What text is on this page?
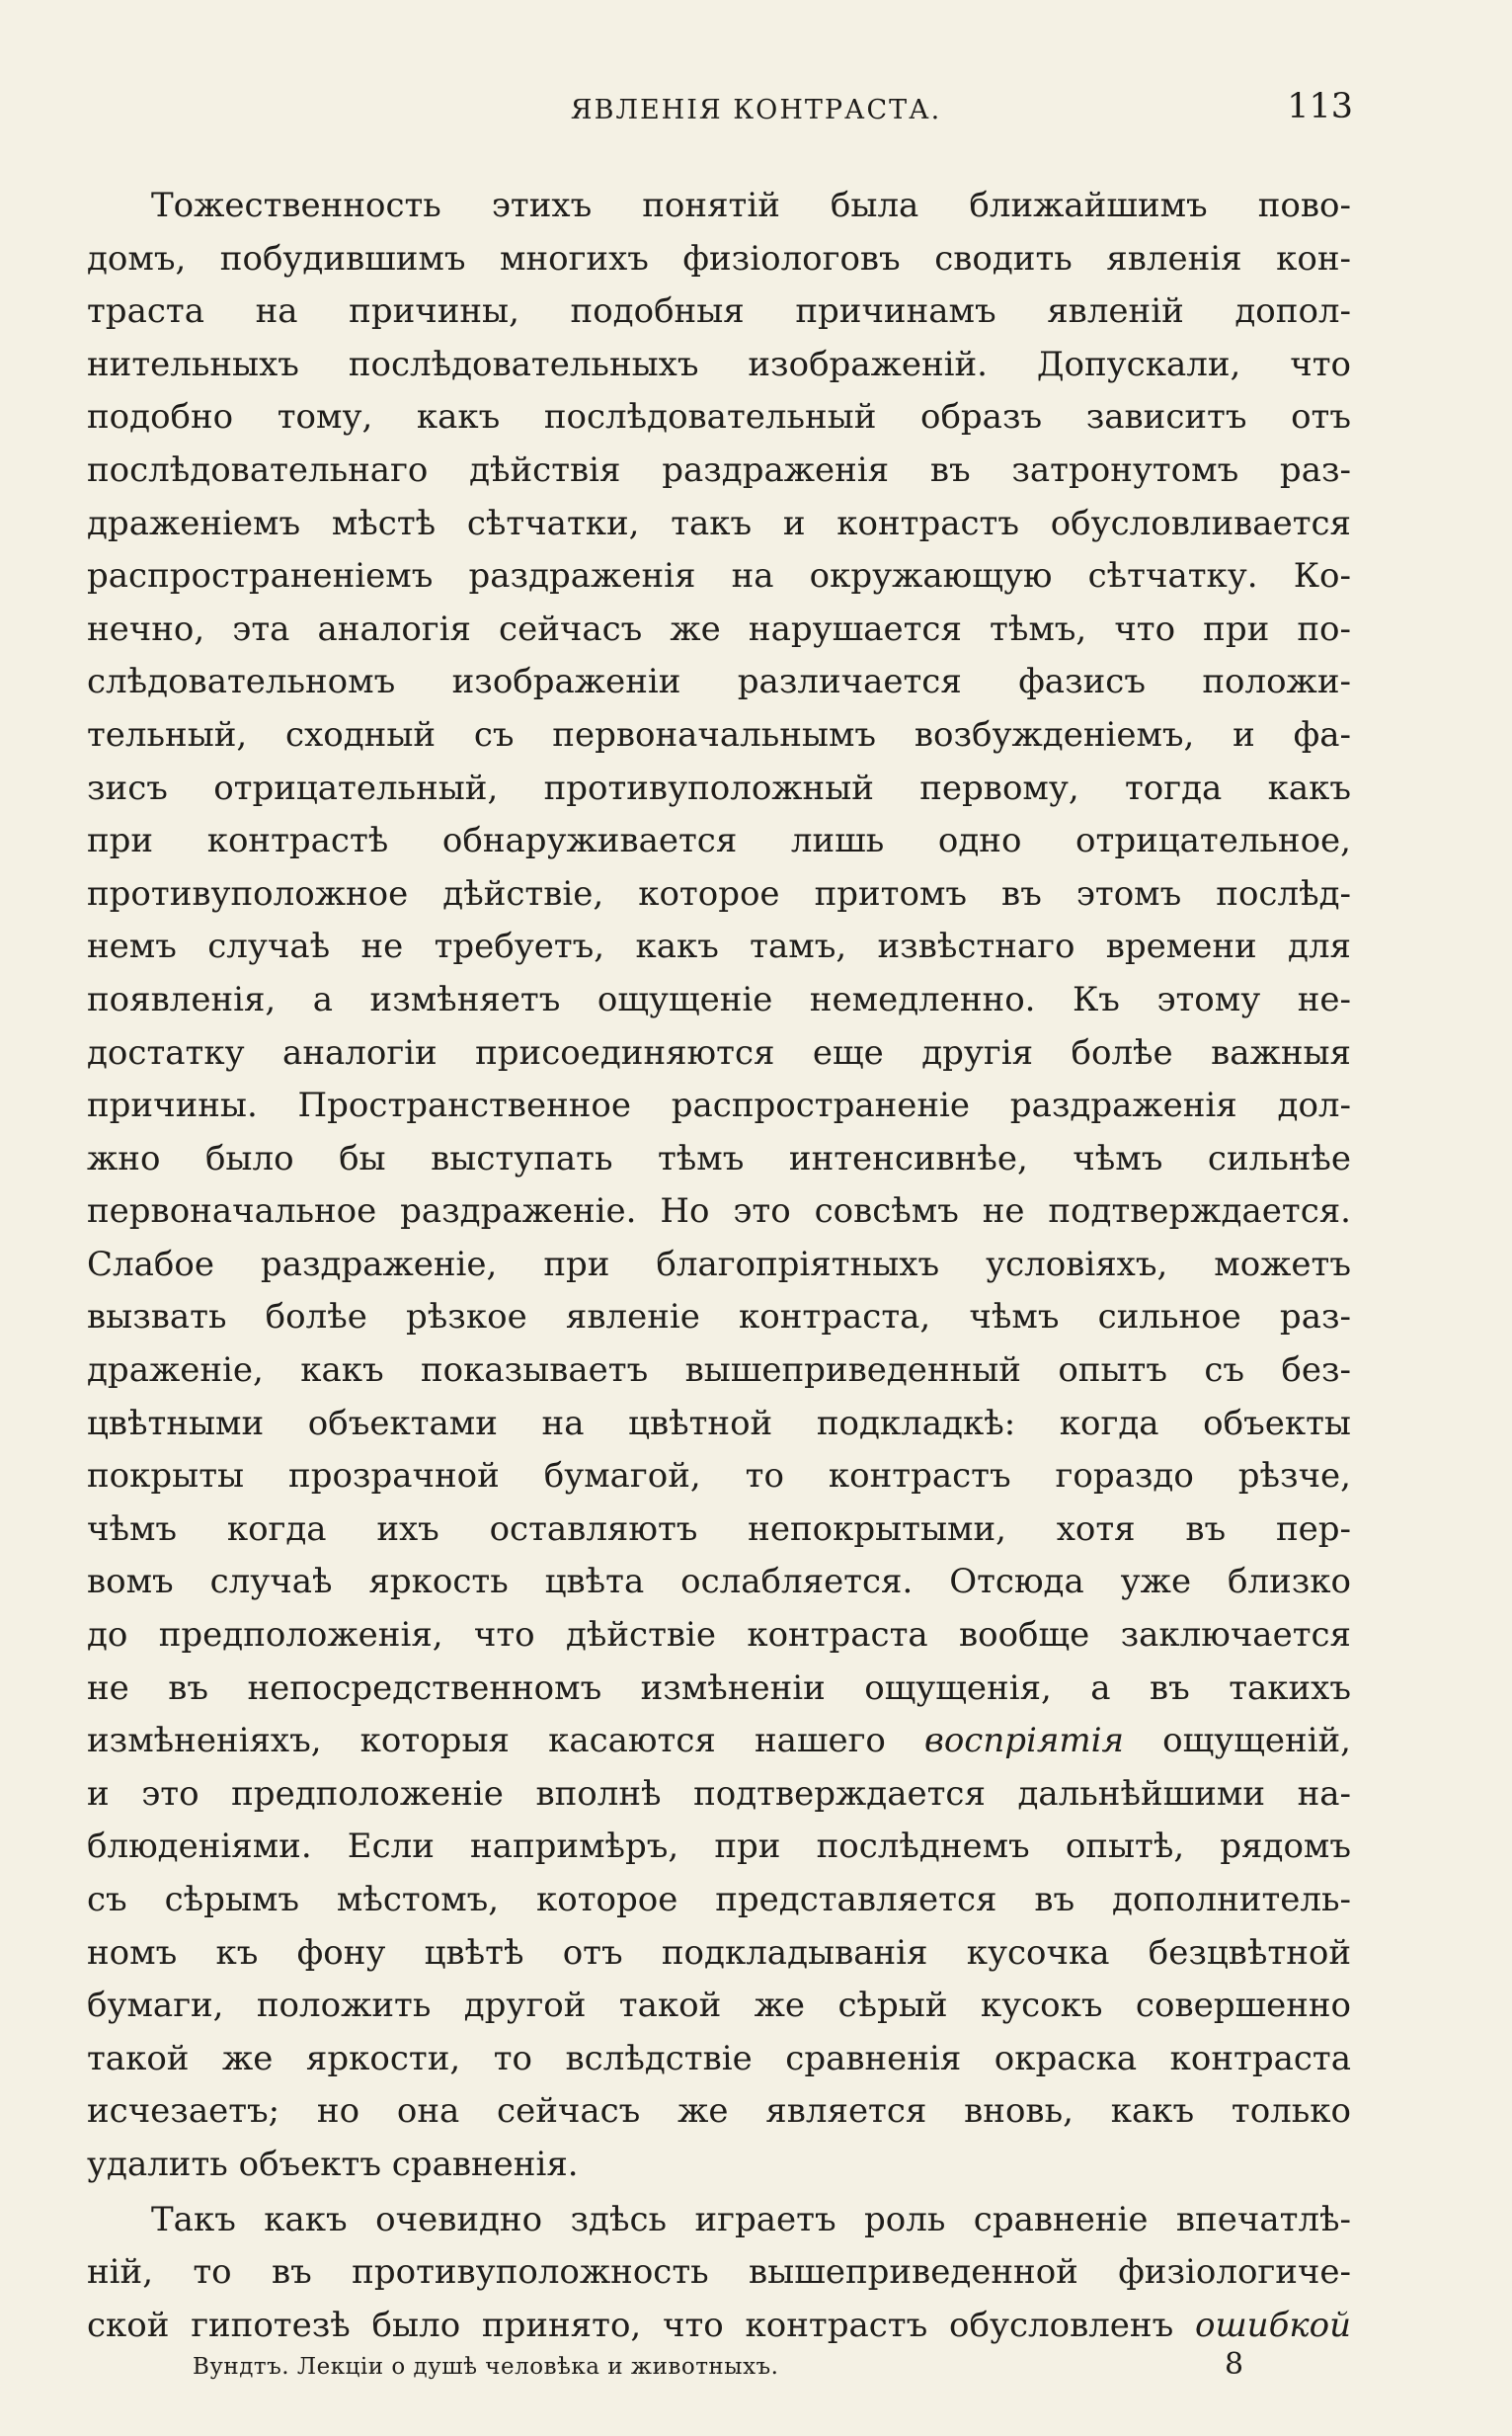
ЯВЛЕНІЯ КОНТРАСТА.	113
Тожественность этихъ понятій была ближайшимъ пово-
домъ, побудившимъ многихъ физіологовъ сводить явленія кон-
траста на причины, подобныя причинамъ явленій допол-
нительныхъ послѣдовательныхъ изображеній. Допускали, что
подобно тому, какъ послѣдовательный образъ зависитъ отъ
послѣдовательнаго дѣйствія раздраженія въ затронутомъ раз-
драженіемъ мѣстѣ сѣтчатки, такъ и контрастъ обусловливается
распространеніемъ раздраженія на окружающую сѣтчатку. Ко-
нечно, эта аналогія сейчасъ же нарушается тѣмъ, что при по-
слѣдовательномъ изображеніи различается фазисъ положи-
тельный, сходный съ первоначальнымъ возбужденіемъ, и фа-
зисъ отрицательный, противуположный первому, тогда какъ
при контрастѣ обнаруживается лишь одно отрицательное,
противуположное дѣйствіе, которое притомъ въ этомъ послѣд-
немъ случаѣ не требуетъ, какъ тамъ, извѣстнаго времени для
появленія, а измѣняетъ ощущеніе немедленно. Къ этому не-
достатку аналогіи присоединяются еще другія болѣе важныя
причины. Пространственное распространеніе раздраженія дол-
жно было бы выступать тѣмъ интенсивнѣе, чѣмъ сильнѣе
первоначальное раздраженіе. Но это совсѣмъ не подтверждается.
Слабое раздраженіе, при благопріятныхъ условіяхъ, можетъ
вызвать болѣе рѣзкое явленіе контраста, чѣмъ сильное раз-
драженіе, какъ показываетъ вышеприведенный опытъ съ без-
цвѣтными объектами на цвѣтной подкладкѣ: когда объекты
покрыты прозрачной бумагой, то контрастъ гораздо рѣзче,
чѣмъ когда ихъ оставляютъ непокрытыми, хотя въ пер-
вомъ случаѣ яркость цвѣта ослабляется. Отсюда уже близко
до предположенія, что дѣйствіе контраста вообще заключается
не въ непосредственномъ измѣненіи ощущенія, а въ такихъ
измѣненіяхъ, которыя касаются нашего воспріятія ощущеній,
и это предположеніе вполнѣ подтверждается дальнѣйшими на-
блюденіями. Если напримѣръ, при послѣднемъ опытѣ, рядомъ
съ сѣрымъ мѣстомъ, которое представляется въ дополнитель-
номъ къ фону цвѣтѣ отъ подкладыванія кусочка безцвѣтной
бумаги, положить другой такой же сѣрый кусокъ совершенно
такой же яркости, то вслѣдствіе сравненія окраска контраста
исчезаетъ; но она сейчасъ же является вновь, какъ только
удалить объектъ сравненія.
Такъ какъ очевидно здѣсь играетъ роль сравненіе впечатлѣ-
ній, то въ противуположность вышеприведенной физіологиче-
ской гипотезѣ было принято, что контрастъ обусловленъ ошибкой
Вундтъ. Лекціи о душѣ человѣка и животныхъ.	8
